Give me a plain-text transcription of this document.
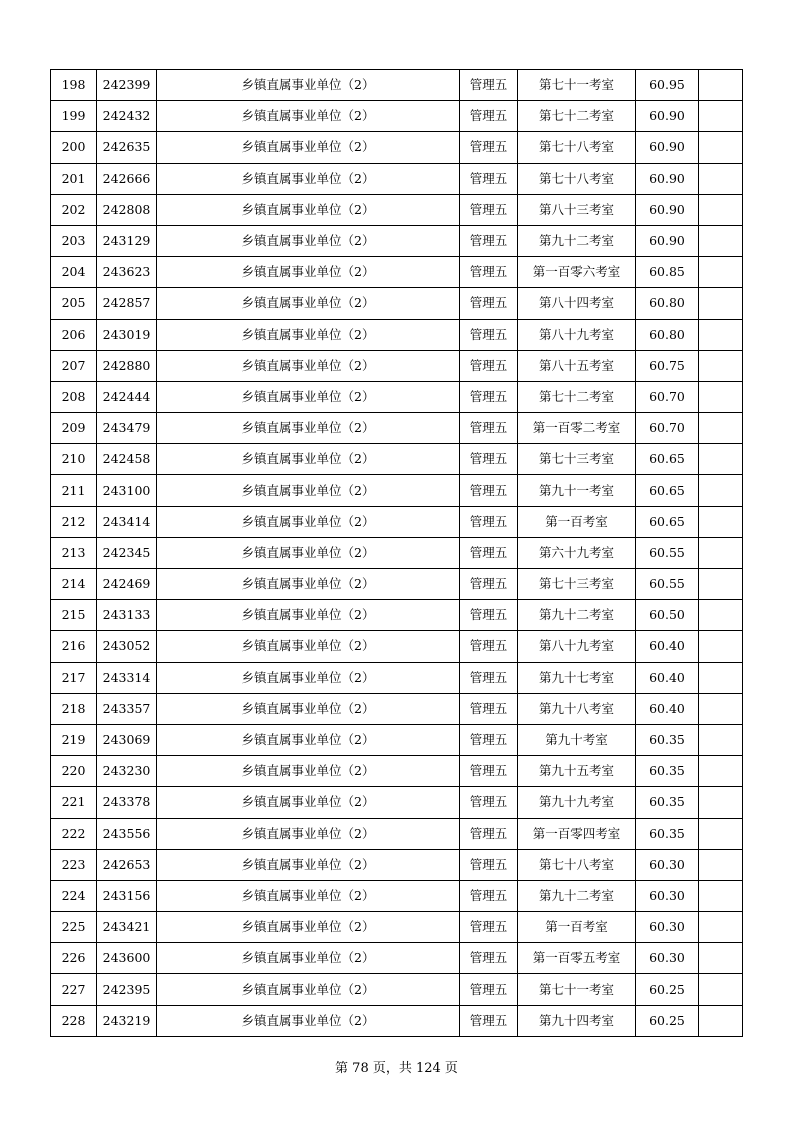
198	242399	乡镇直属事业单位（2）	管理五	第七十一考室	60.95	
199	242432	乡镇直属事业单位（2）	管理五	第七十二考室	60.90	
200	242635	乡镇直属事业单位（2）	管理五	第七十八考室	60.90	
201	242666	乡镇直属事业单位（2）	管理五	第七十八考室	60.90	
202	242808	乡镇直属事业单位（2）	管理五	第八十三考室	60.90	
203	243129	乡镇直属事业单位（2）	管理五	第九十二考室	60.90	
204	243623	乡镇直属事业单位（2）	管理五	第一百零六考室	60.85	
205	242857	乡镇直属事业单位（2）	管理五	第八十四考室	60.80	
206	243019	乡镇直属事业单位（2）	管理五	第八十九考室	60.80	
207	242880	乡镇直属事业单位（2）	管理五	第八十五考室	60.75	
208	242444	乡镇直属事业单位（2）	管理五	第七十二考室	60.70	
209	243479	乡镇直属事业单位（2）	管理五	第一百零二考室	60.70	
210	242458	乡镇直属事业单位（2）	管理五	第七十三考室	60.65	
211	243100	乡镇直属事业单位（2）	管理五	第九十一考室	60.65	
212	243414	乡镇直属事业单位（2）	管理五	第一百考室	60.65	
213	242345	乡镇直属事业单位（2）	管理五	第六十九考室	60.55	
214	242469	乡镇直属事业单位（2）	管理五	第七十三考室	60.55	
215	243133	乡镇直属事业单位（2）	管理五	第九十二考室	60.50	
216	243052	乡镇直属事业单位（2）	管理五	第八十九考室	60.40	
217	243314	乡镇直属事业单位（2）	管理五	第九十七考室	60.40	
218	243357	乡镇直属事业单位（2）	管理五	第九十八考室	60.40	
219	243069	乡镇直属事业单位（2）	管理五	第九十考室	60.35	
220	243230	乡镇直属事业单位（2）	管理五	第九十五考室	60.35	
221	243378	乡镇直属事业单位（2）	管理五	第九十九考室	60.35	
222	243556	乡镇直属事业单位（2）	管理五	第一百零四考室	60.35	
223	242653	乡镇直属事业单位（2）	管理五	第七十八考室	60.30	
224	243156	乡镇直属事业单位（2）	管理五	第九十二考室	60.30	
225	243421	乡镇直属事业单位（2）	管理五	第一百考室	60.30	
226	243600	乡镇直属事业单位（2）	管理五	第一百零五考室	60.30	
227	242395	乡镇直属事业单位（2）	管理五	第七十一考室	60.25	
228	243219	乡镇直属事业单位（2）	管理五	第九十四考室	60.25	
第 78 页，共 124 页
